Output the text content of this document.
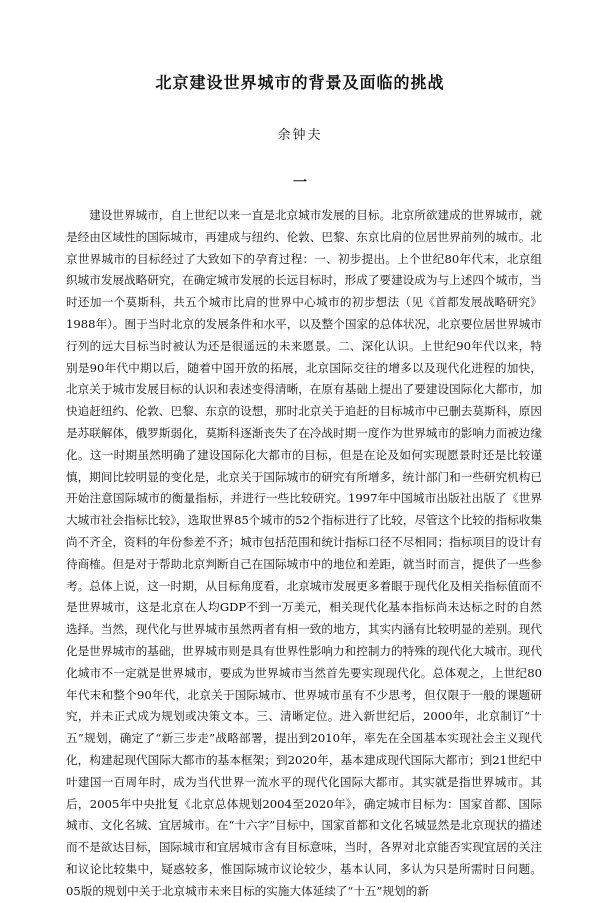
北京建设世界城市的背景及面临的挑战
余钟夫
一

建设世界城市，自上世纪以来一直是北京城市发展的目标。北京所欲建成的世界城市，就是经由区域性的国际城市，再建成与纽约、伦敦、巴黎、东京比肩的位居世界前列的城市。北京世界城市的目标经过了大致如下的孕育过程：一、初步提出。上个世纪80年代末，北京组织城市发展战略研究，在确定城市发展的长远目标时，形成了要建设成为与上述四个城市，当时还加一个莫斯科，共五个城市比肩的世界中心城市的初步想法（见《首都发展战略研究》1988年）。囿于当时北京的发展条件和水平，以及整个国家的总体状况，北京要位居世界城市行列的远大目标当时被认为还是很遥远的未来愿景。二、深化认识。上世纪90年代以来，特别是90年代中期以后，随着中国开放的拓展，北京国际交往的增多以及现代化进程的加快，北京关于城市发展目标的认识和表述变得清晰，在原有基础上提出了要建设国际化大都市，加快追赶纽约、伦敦、巴黎、东京的设想，那时北京关于追赶的目标城市中已删去莫斯科，原因是苏联解体，俄罗斯弱化，莫斯科逐渐丧失了在冷战时期一度作为世界城市的影响力而被边缘化。这一时期虽然明确了建设国际化大都市的目标，但是在论及如何实现愿景时还是比较谨慎，期间比较明显的变化是，北京关于国际城市的研究有所增多，统计部门和一些研究机构已开始注意国际城市的衡量指标，并进行一些比较研究。1997年中国城市出版社出版了《世界大城市社会指标比较》，选取世界85个城市的52个指标进行了比较，尽管这个比较的指标收集尚不齐全，资料的年份参差不齐；城市包括范围和统计指标口径不尽相同；指标项目的设计有待商榷。但是对于帮助北京判断自己在国际城市中的地位和差距，就当时而言，提供了一些参考。总体上说，这一时期，从目标角度看，北京城市发展更多着眼于现代化及相关指标值而不是世界城市，这是北京在人均GDP不到一万美元，相关现代化基本指标尚未达标之时的自然选择。当然，现代化与世界城市虽然两者有相一致的地方，其实内涵有比较明显的差别。现代化是世界城市的基础，世界城市则是具有世界性影响力和控制力的特殊的现代化大城市。现代化城市不一定就是世界城市，要成为世界城市当然首先要实现现代化。总体观之，上世纪80年代末和整个90年代，北京关于国际城市、世界城市虽有不少思考，但仅限于一般的课题研究，并未正式成为规划或决策文本。三、清晰定位。进入新世纪后，2000年，北京制订“十五”规划，确定了“新三步走”战略部署，提出到2010年，率先在全国基本实现社会主义现代化，构建起现代国际大都市的基本框架；到2020年，基本建成现代国际大都市；到21世纪中叶建国一百周年时，成为当代世界一流水平的现代化国际大都市。其实就是指世界城市。其后，2005年中央批复《北京总体规划2004至2020年》，确定城市目标为：国家首都、国际城市、文化名城、宜居城市。在“十六字”目标中，国家首都和文化名城显然是北京现状的描述而不是欲达目标，国际城市和宜居城市含有目标意味，当时，各界对北京能否实现宜居的关注和议论比较集中，疑惑较多，惟国际城市议论较少，基本认同，多认为只是所需时日问题。05版的规划中关于北京城市未来目标的实施大体延续了“十五”规划的新
